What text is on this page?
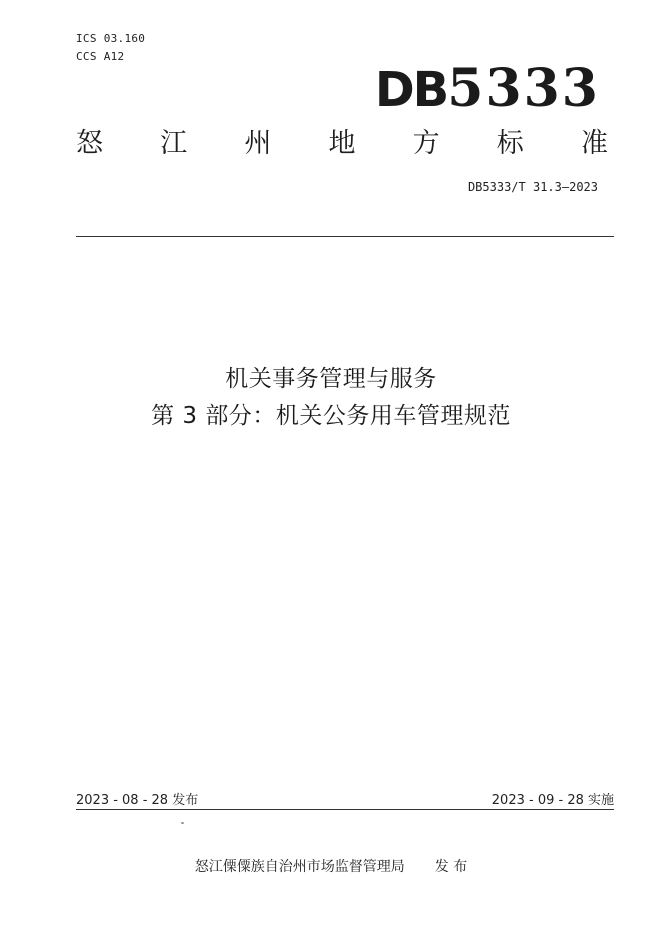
ICS 03.160
CCS A12
DB5333
怒 江 州 地 方 标 准
DB5333/T 31.3—2023
机关事务管理与服务
第 3 部分：机关公务用车管理规范
2023 - 08 - 28 发布	2023 - 09 - 28 实施
怒江傈僳族自治州市场监督管理局 发 布
